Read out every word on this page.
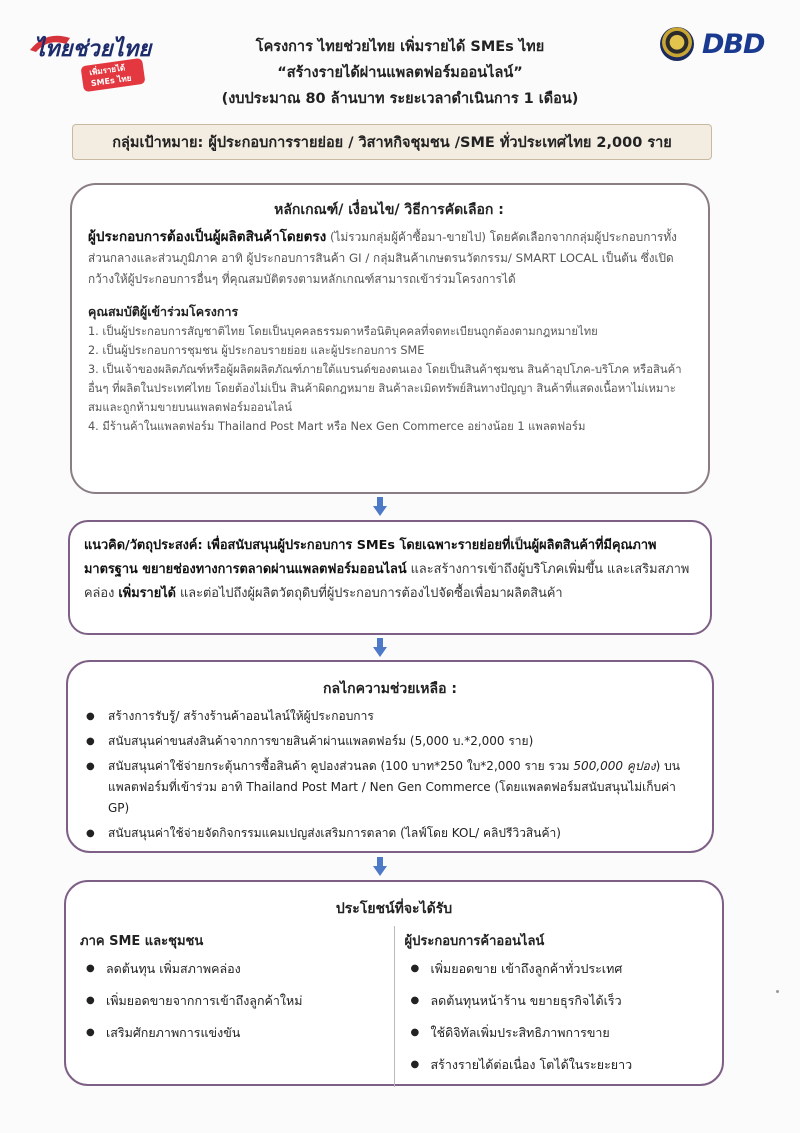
ไทยช่วยไทย
เพิ่มรายได้
SMEs ไทย
DBD
โครงการ ไทยช่วยไทย เพิ่มรายได้ SMEs ไทย
“สร้างรายได้ผ่านแพลตฟอร์มออนไลน์”
(งบประมาณ 80 ล้านบาท ระยะเวลาดำเนินการ 1 เดือน)
กลุ่มเป้าหมาย: ผู้ประกอบการรายย่อย / วิสาหกิจชุมชน /SME ทั่วประเทศไทย 2,000 ราย
หลักเกณฑ์/ เงื่อนไข/ วิธีการคัดเลือก :
ผู้ประกอบการต้องเป็นผู้ผลิตสินค้าโดยตรง (ไม่รวมกลุ่มผู้ค้าซื้อมา-ขายไป) โดยคัดเลือกจากกลุ่มผู้ประกอบการทั้งส่วนกลางและส่วนภูมิภาค อาทิ ผู้ประกอบการสินค้า GI / กลุ่มสินค้าเกษตรนวัตกรรม/ SMART LOCAL เป็นต้น ซึ่งเปิดกว้างให้ผู้ประกอบการอื่นๆ ที่คุณสมบัติตรงตามหลักเกณฑ์สามารถเข้าร่วมโครงการได้
คุณสมบัติผู้เข้าร่วมโครงการ
1. เป็นผู้ประกอบการสัญชาติไทย โดยเป็นบุคคลธรรมดาหรือนิติบุคคลที่จดทะเบียนถูกต้องตามกฎหมายไทย
2. เป็นผู้ประกอบการชุมชน ผู้ประกอบรายย่อย และผู้ประกอบการ SME
3. เป็นเจ้าของผลิตภัณฑ์หรือผู้ผลิตผลิตภัณฑ์ภายใต้แบรนด์ของตนเอง โดยเป็นสินค้าชุมชน สินค้าอุปโภค-บริโภค หรือสินค้าอื่นๆ ที่ผลิตในประเทศไทย โดยต้องไม่เป็น สินค้าผิดกฎหมาย สินค้าละเมิดทรัพย์สินทางปัญญา สินค้าที่แสดงเนื้อหาไม่เหมาะสมและถูกห้ามขายบนแพลตฟอร์มออนไลน์
4. มีร้านค้าในแพลตฟอร์ม Thailand Post Mart หรือ Nex Gen Commerce อย่างน้อย 1 แพลตฟอร์ม
แนวคิด/วัตถุประสงค์: เพื่อสนับสนุนผู้ประกอบการ SMEs โดยเฉพาะรายย่อยที่เป็นผู้ผลิตสินค้าที่มีคุณภาพมาตรฐาน ขยายช่องทางการตลาดผ่านแพลตฟอร์มออนไลน์ และสร้างการเข้าถึงผู้บริโภคเพิ่มขึ้น และเสริมสภาพคล่อง เพิ่มรายได้ และต่อไปถึงผู้ผลิตวัตถุดิบที่ผู้ประกอบการต้องไปจัดซื้อเพื่อมาผลิตสินค้า
กลไกความช่วยเหลือ :
● สร้างการรับรู้/ สร้างร้านค้าออนไลน์ให้ผู้ประกอบการ
● สนับสนุนค่าขนส่งสินค้าจากการขายสินค้าผ่านแพลตฟอร์ม (5,000 บ.*2,000 ราย)
● สนับสนุนค่าใช้จ่ายกระตุ้นการซื้อสินค้า คูปองส่วนลด (100 บาท*250 ใบ*2,000 ราย รวม 500,000 คูปอง) บนแพลตฟอร์มที่เข้าร่วม อาทิ Thailand Post Mart / Nen Gen Commerce (โดยแพลตฟอร์มสนับสนุนไม่เก็บค่า GP)
● สนับสนุนค่าใช้จ่ายจัดกิจกรรมแคมเปญส่งเสริมการตลาด (ไลฟ์โดย KOL/ คลิปรีวิวสินค้า)
ประโยชน์ที่จะได้รับ
ภาค SME และชุมชน
● ลดต้นทุน เพิ่มสภาพคล่อง
● เพิ่มยอดขายจากการเข้าถึงลูกค้าใหม่
● เสริมศักยภาพการแข่งขัน
ผู้ประกอบการค้าออนไลน์
● เพิ่มยอดขาย เข้าถึงลูกค้าทั่วประเทศ
● ลดต้นทุนหน้าร้าน ขยายธุรกิจได้เร็ว
● ใช้ดิจิทัลเพิ่มประสิทธิภาพการขาย
● สร้างรายได้ต่อเนื่อง โตได้ในระยะยาว
